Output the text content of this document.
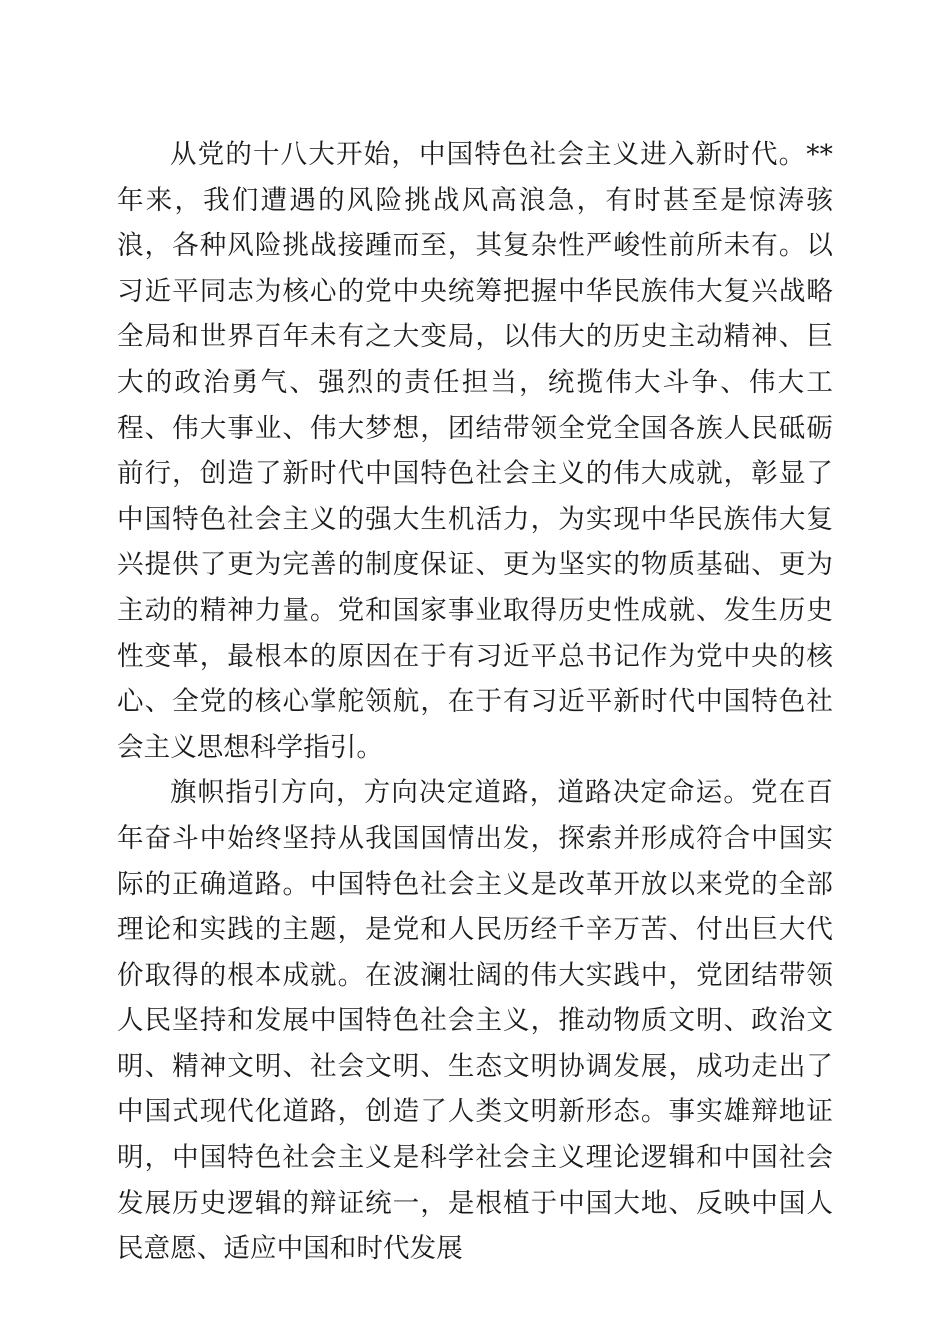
从党的十八大开始，中国特色社会主义进入新时代。**年来，我们遭遇的风险挑战风高浪急，有时甚至是惊涛骇浪，各种风险挑战接踵而至，其复杂性严峻性前所未有。以习近平同志为核心的党中央统筹把握中华民族伟大复兴战略全局和世界百年未有之大变局，以伟大的历史主动精神、巨大的政治勇气、强烈的责任担当，统揽伟大斗争、伟大工程、伟大事业、伟大梦想，团结带领全党全国各族人民砥砺前行，创造了新时代中国特色社会主义的伟大成就，彰显了中国特色社会主义的强大生机活力，为实现中华民族伟大复兴提供了更为完善的制度保证、更为坚实的物质基础、更为主动的精神力量。党和国家事业取得历史性成就、发生历史性变革，最根本的原因在于有习近平总书记作为党中央的核心、全党的核心掌舵领航，在于有习近平新时代中国特色社会主义思想科学指引。

旗帜指引方向，方向决定道路，道路决定命运。党在百年奋斗中始终坚持从我国国情出发，探索并形成符合中国实际的正确道路。中国特色社会主义是改革开放以来党的全部理论和实践的主题，是党和人民历经千辛万苦、付出巨大代价取得的根本成就。在波澜壮阔的伟大实践中，党团结带领人民坚持和发展中国特色社会主义，推动物质文明、政治文明、精神文明、社会文明、生态文明协调发展，成功走出了中国式现代化道路，创造了人类文明新形态。事实雄辩地证明，中国特色社会主义是科学社会主义理论逻辑和中国社会发展历史逻辑的辩证统一，是根植于中国大地、反映中国人民意愿、适应中国和时代发展
